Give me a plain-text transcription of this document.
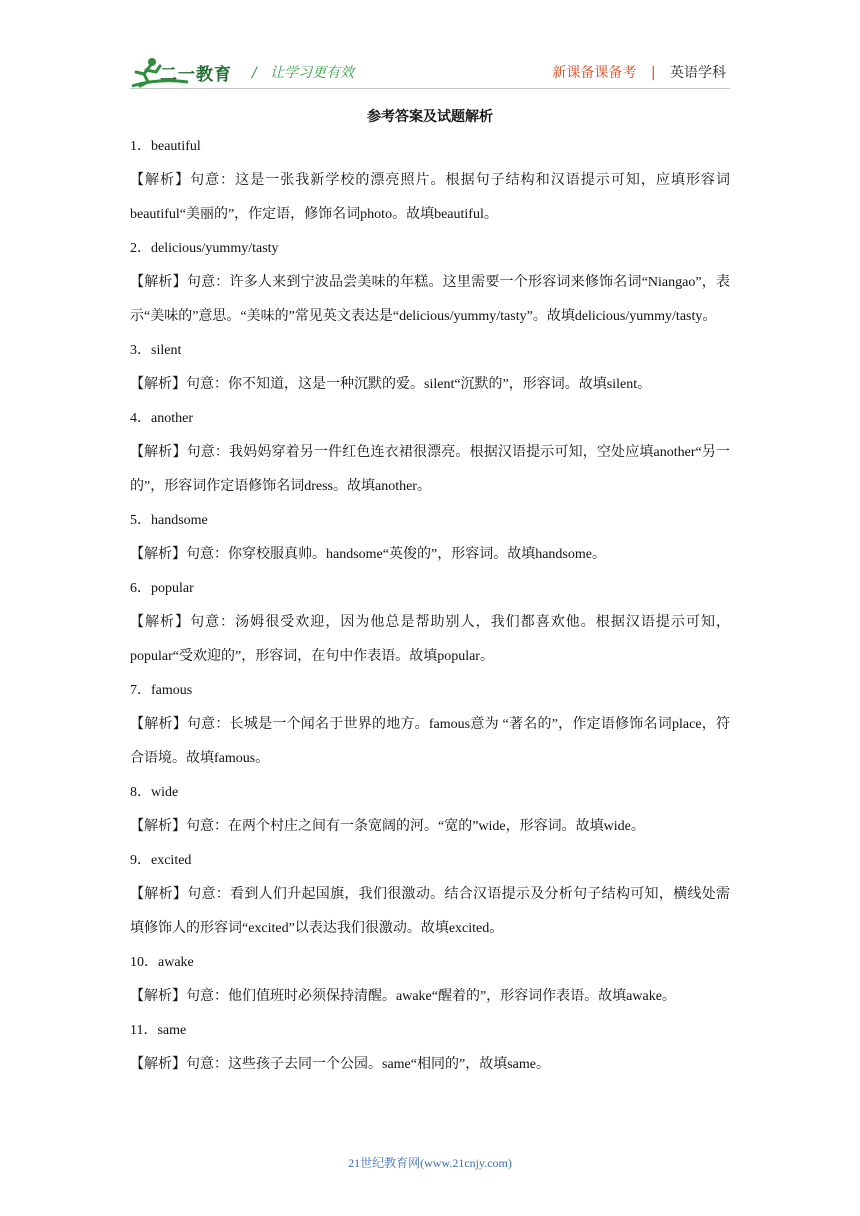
二一教育 /   让学习更有效	新课备课备考 | 英语学科
参考答案及试题解析

1．beautiful

【解析】句意：这是一张我新学校的漂亮照片。根据句子结构和汉语提示可知，应填形容词beautiful“美丽的”，作定语，修饰名词photo。故填beautiful。

2．delicious/yummy/tasty

【解析】句意：许多人来到宁波品尝美味的年糕。这里需要一个形容词来修饰名词“Niangao”，表示“美味的”意思。“美味的”常见英文表达是“delicious/yummy/tasty”。故填delicious/yummy/tasty。

3．silent

【解析】句意：你不知道，这是一种沉默的爱。silent“沉默的”，形容词。故填silent。

4．another

【解析】句意：我妈妈穿着另一件红色连衣裙很漂亮。根据汉语提示可知，空处应填another“另一的”，形容词作定语修饰名词dress。故填another。

5．handsome

【解析】句意：你穿校服真帅。handsome“英俊的”，形容词。故填handsome。

6．popular

【解析】句意：汤姆很受欢迎，因为他总是帮助别人，我们都喜欢他。根据汉语提示可知，popular“受欢迎的”，形容词，在句中作表语。故填popular。

7．famous

【解析】句意：长城是一个闻名于世界的地方。famous意为 “著名的”，作定语修饰名词place，符合语境。故填famous。

8．wide

【解析】句意：在两个村庄之间有一条宽阔的河。“宽的”wide，形容词。故填wide。

9．excited

【解析】句意：看到人们升起国旗，我们很激动。结合汉语提示及分析句子结构可知，横线处需填修饰人的形容词“excited”以表达我们很激动。故填excited。

10．awake

【解析】句意：他们值班时必须保持清醒。awake“醒着的”，形容词作表语。故填awake。

11．same

【解析】句意：这些孩子去同一个公园。same“相同的”，故填same。

21世纪教育网(www.21cnjy.com)
